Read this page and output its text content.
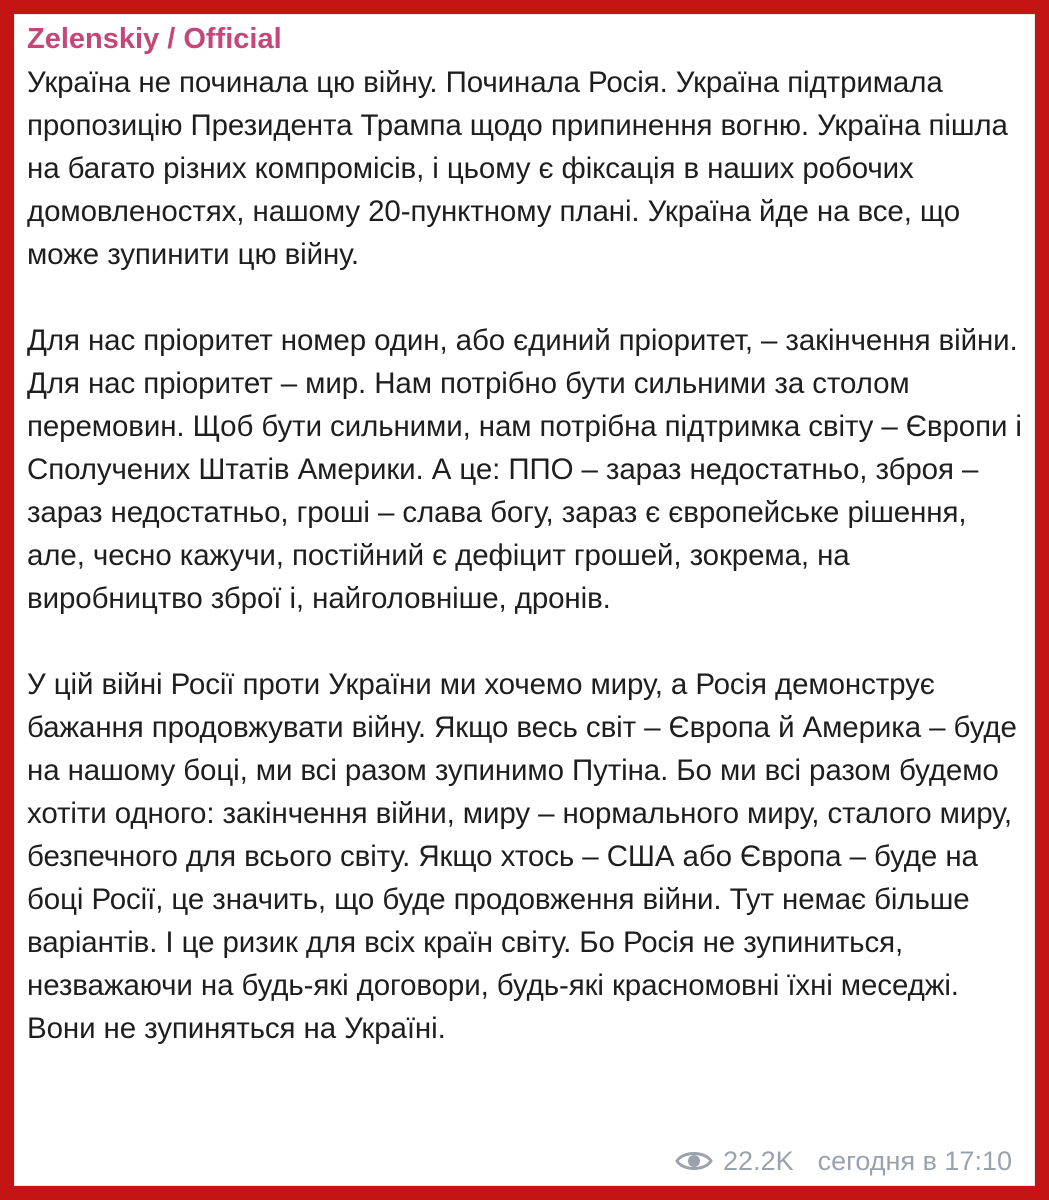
Zelenskiy / Official

Україна не починала цю війну. Починала Росія. Україна підтримала пропозицію Президента Трампа щодо припинення вогню. Україна пішла на багато різних компромісів, і цьому є фіксація в наших робочих домовленостях, нашому 20-пунктному плані. Україна йде на все, що може зупинити цю війну.

Для нас пріоритет номер один, або єдиний пріоритет, – закінчення війни. Для нас пріоритет – мир. Нам потрібно бути сильними за столом перемовин. Щоб бути сильними, нам потрібна підтримка світу – Європи і Сполучених Штатів Америки. А це: ППО – зараз недостатньо, зброя – зараз недостатньо, гроші – слава богу, зараз є європейське рішення, але, чесно кажучи, постійний є дефіцит грошей, зокрема, на виробництво зброї і, найголовніше, дронів.

У цій війні Росії проти України ми хочемо миру, а Росія демонструє бажання продовжувати війну. Якщо весь світ – Європа й Америка – буде на нашому боці, ми всі разом зупинимо Путіна. Бо ми всі разом будемо хотіти одного: закінчення війни, миру – нормального миру, сталого миру, безпечного для всього світу. Якщо хтось – США або Європа – буде на боці Росії, це значить, що буде продовження війни. Тут немає більше варіантів. І це ризик для всіх країн світу. Бо Росія не зупиниться, незважаючи на будь-які договори, будь-які красномовні їхні меседжі. Вони не зупиняться на Україні.

22.2K сегодня в 17:10
